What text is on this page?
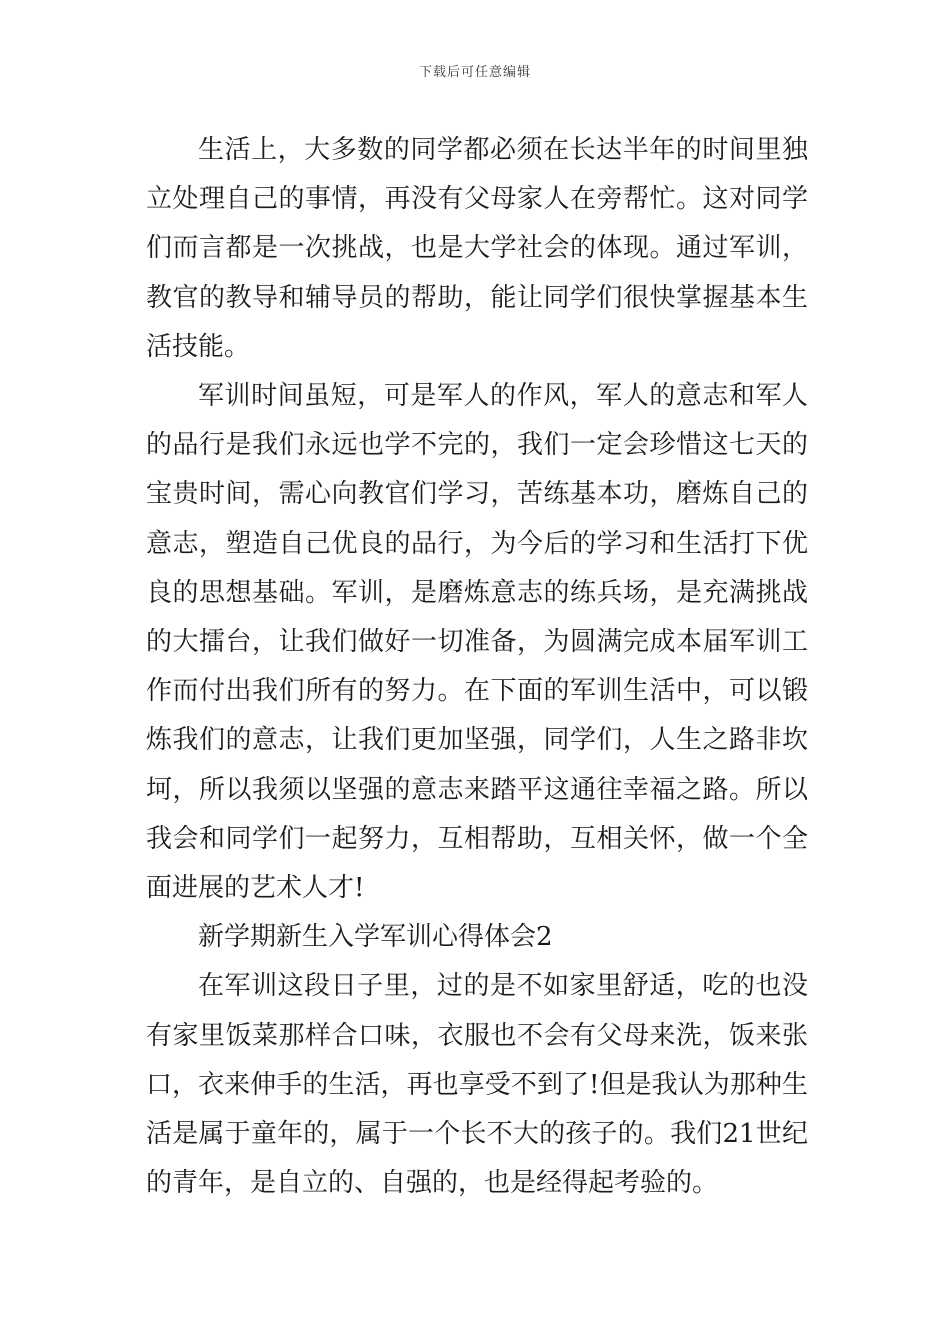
下载后可任意编辑

生活上，大多数的同学都必须在长达半年的时间里独立处理自己的事情，再没有父母家人在旁帮忙。这对同学们而言都是一次挑战，也是大学社会的体现。通过军训，教官的教导和辅导员的帮助，能让同学们很快掌握基本生活技能。

军训时间虽短，可是军人的作风，军人的意志和军人的品行是我们永远也学不完的，我们一定会珍惜这七天的宝贵时间，需心向教官们学习，苦练基本功，磨炼自己的意志，塑造自己优良的品行，为今后的学习和生活打下优良的思想基础。军训，是磨炼意志的练兵场，是充满挑战的大擂台，让我们做好一切准备，为圆满完成本届军训工作而付出我们所有的努力。在下面的军训生活中，可以锻炼我们的意志，让我们更加坚强，同学们，人生之路非坎坷，所以我须以坚强的意志来踏平这通往幸福之路。所以我会和同学们一起努力，互相帮助，互相关怀，做一个全面进展的艺术人才!

新学期新生入学军训心得体会2

在军训这段日子里，过的是不如家里舒适，吃的也没有家里饭菜那样合口味，衣服也不会有父母来洗，饭来张口，衣来伸手的生活，再也享受不到了!但是我认为那种生活是属于童年的，属于一个长不大的孩子的。我们21世纪的青年，是自立的、自强的，也是经得起考验的。
